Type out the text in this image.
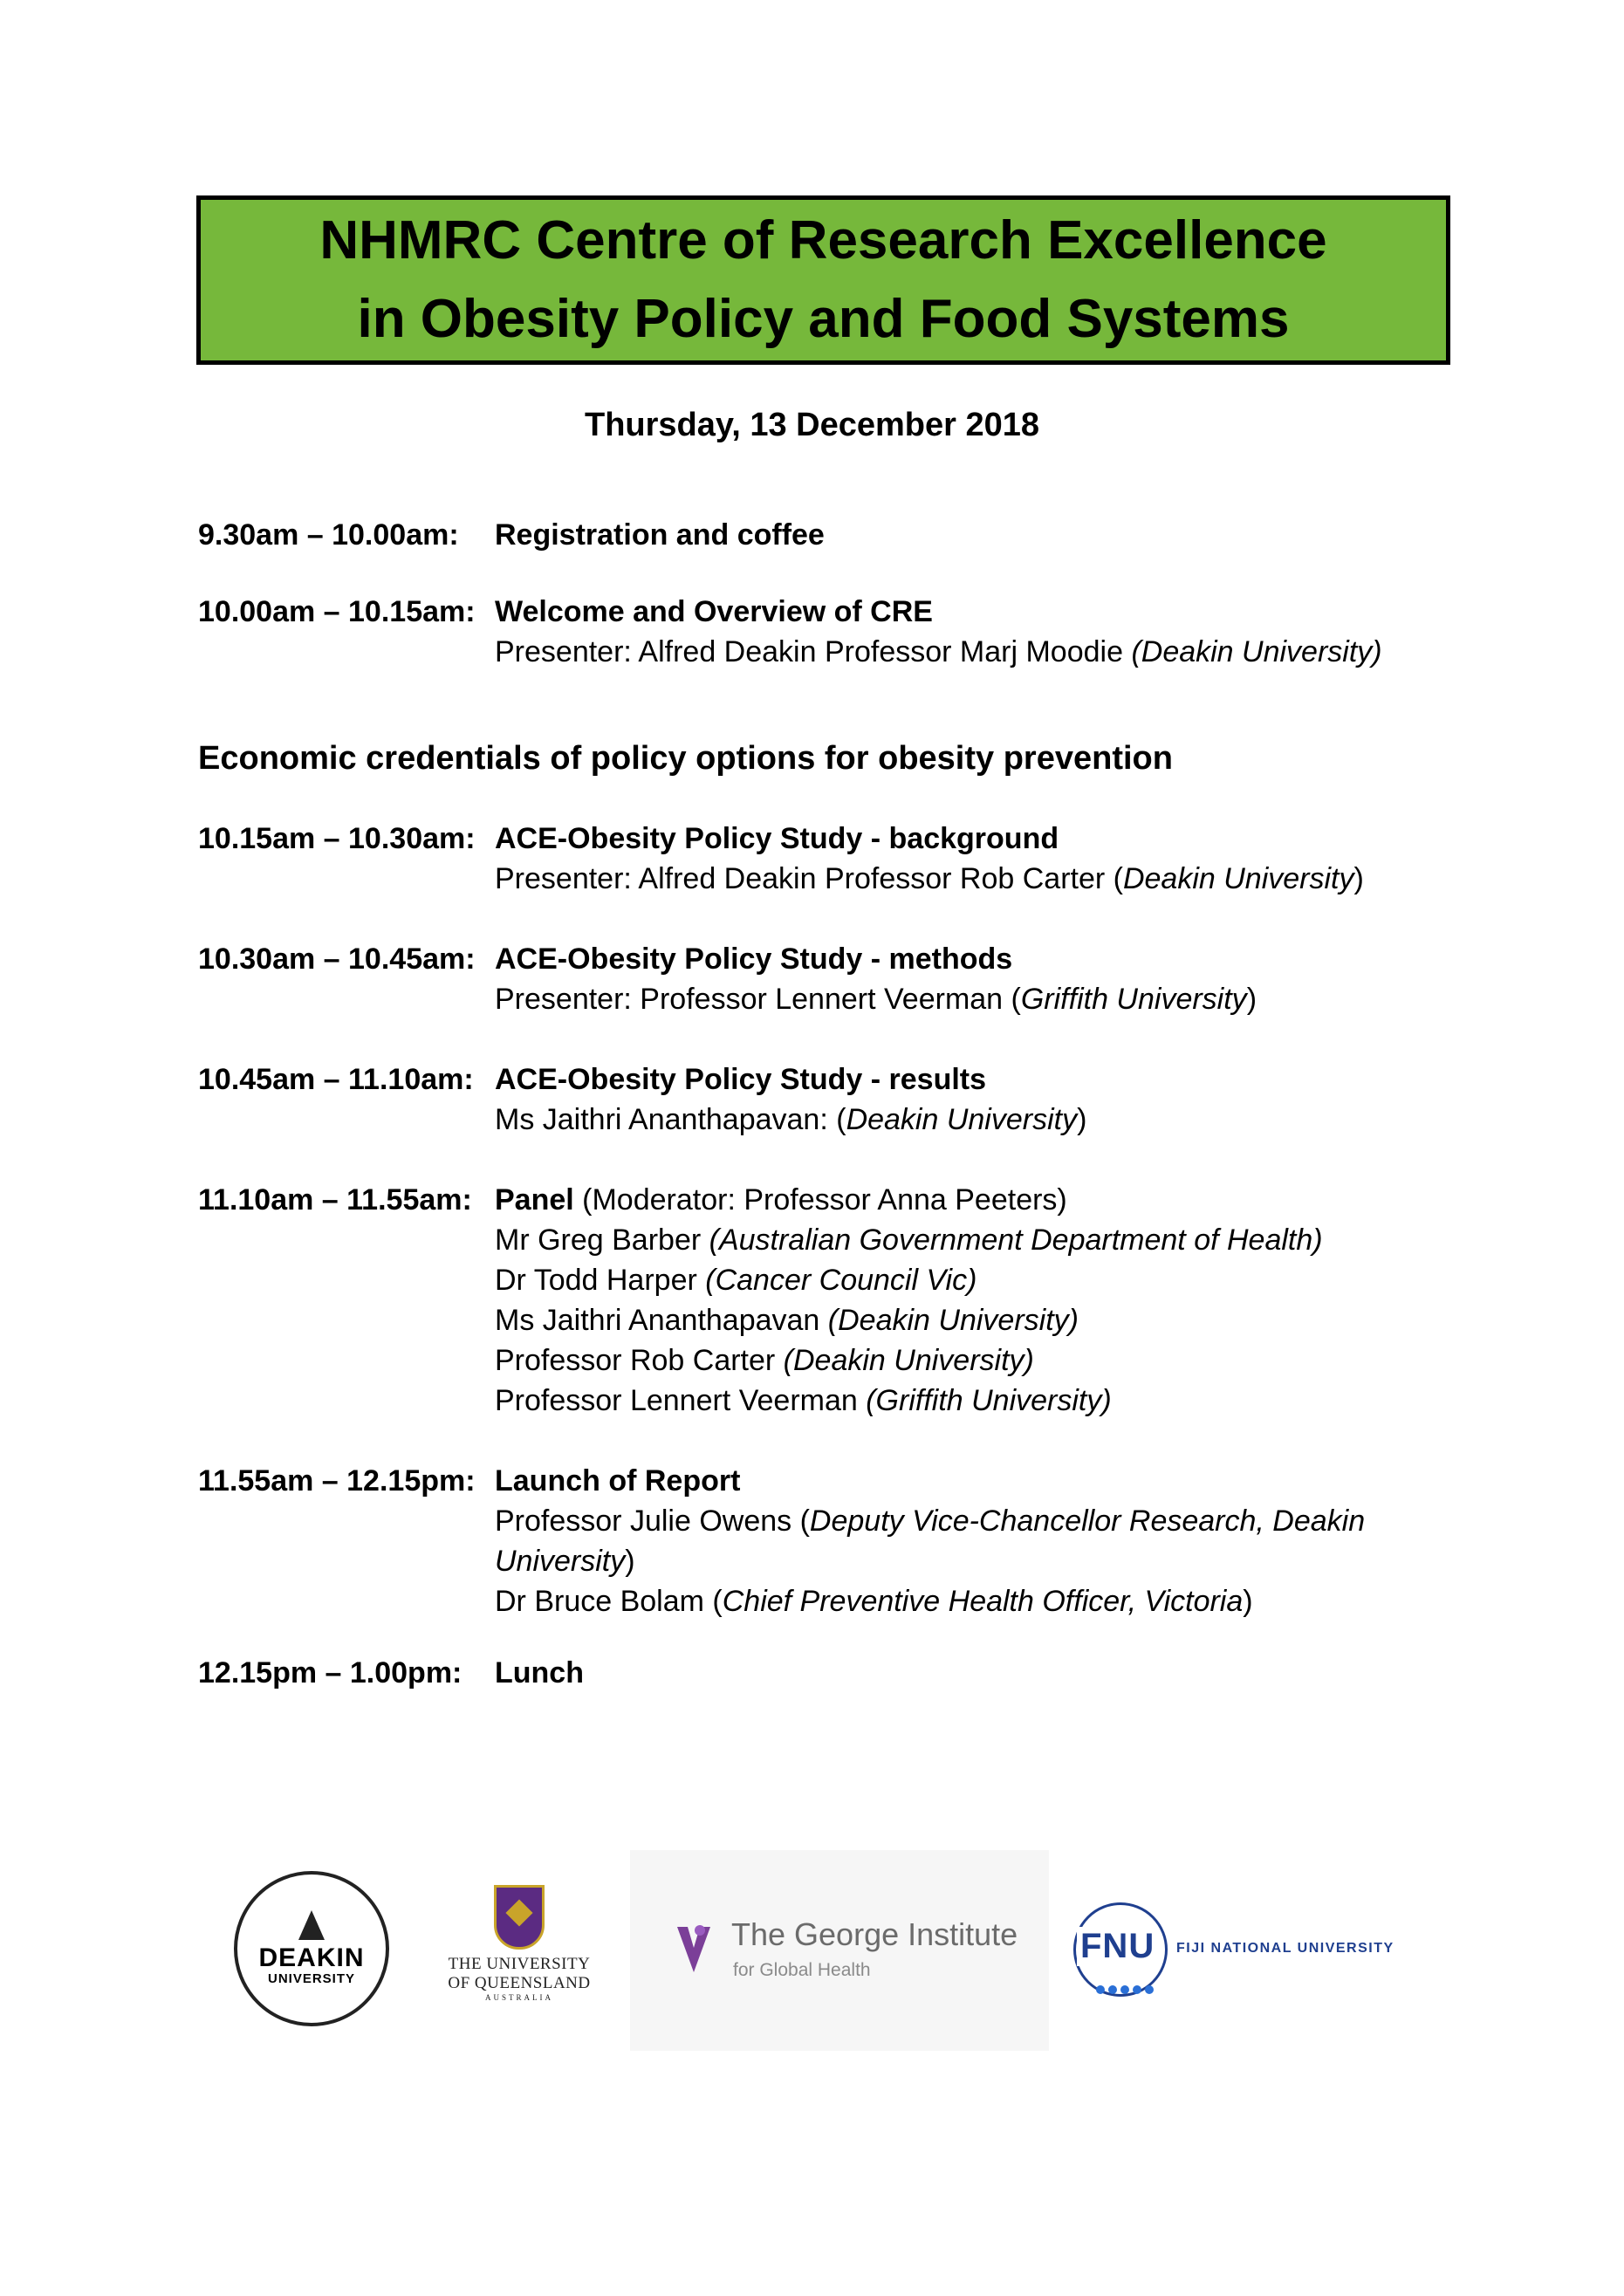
NHMRC Centre of Research Excellence
in Obesity Policy and Food Systems
Thursday, 13 December 2018
9.30am – 10.00am:	Registration and coffee
10.00am – 10.15am: Welcome and Overview of CRE
Presenter: Alfred Deakin Professor Marj Moodie (Deakin University)
Economic credentials of policy options for obesity prevention
10.15am – 10.30am: ACE-Obesity Policy Study - background
Presenter: Alfred Deakin Professor Rob Carter (Deakin University)
10.30am – 10.45am: ACE-Obesity Policy Study - methods
Presenter: Professor Lennert Veerman (Griffith University)
10.45am – 11.10am: ACE-Obesity Policy Study - results
Ms Jaithri Ananthapavan: (Deakin University)
11.10am – 11.55am: Panel (Moderator: Professor Anna Peeters)
Mr Greg Barber (Australian Government Department of Health)
Dr Todd Harper (Cancer Council Vic)
Ms Jaithri Ananthapavan (Deakin University)
Professor Rob Carter (Deakin University)
Professor Lennert Veerman (Griffith University)
11.55am – 12.15pm: Launch of Report
Professor Julie Owens (Deputy Vice-Chancellor Research, Deakin
University)
Dr Bruce Bolam (Chief Preventive Health Officer, Victoria)
12.15pm – 1.00pm:	Lunch
DEAKIN
UNIVERSITY
THE UNIVERSITY
OF QUEENSLAND
AUSTRALIA
The George Institute
for Global Health
FNU FIJI NATIONAL UNIVERSITY
